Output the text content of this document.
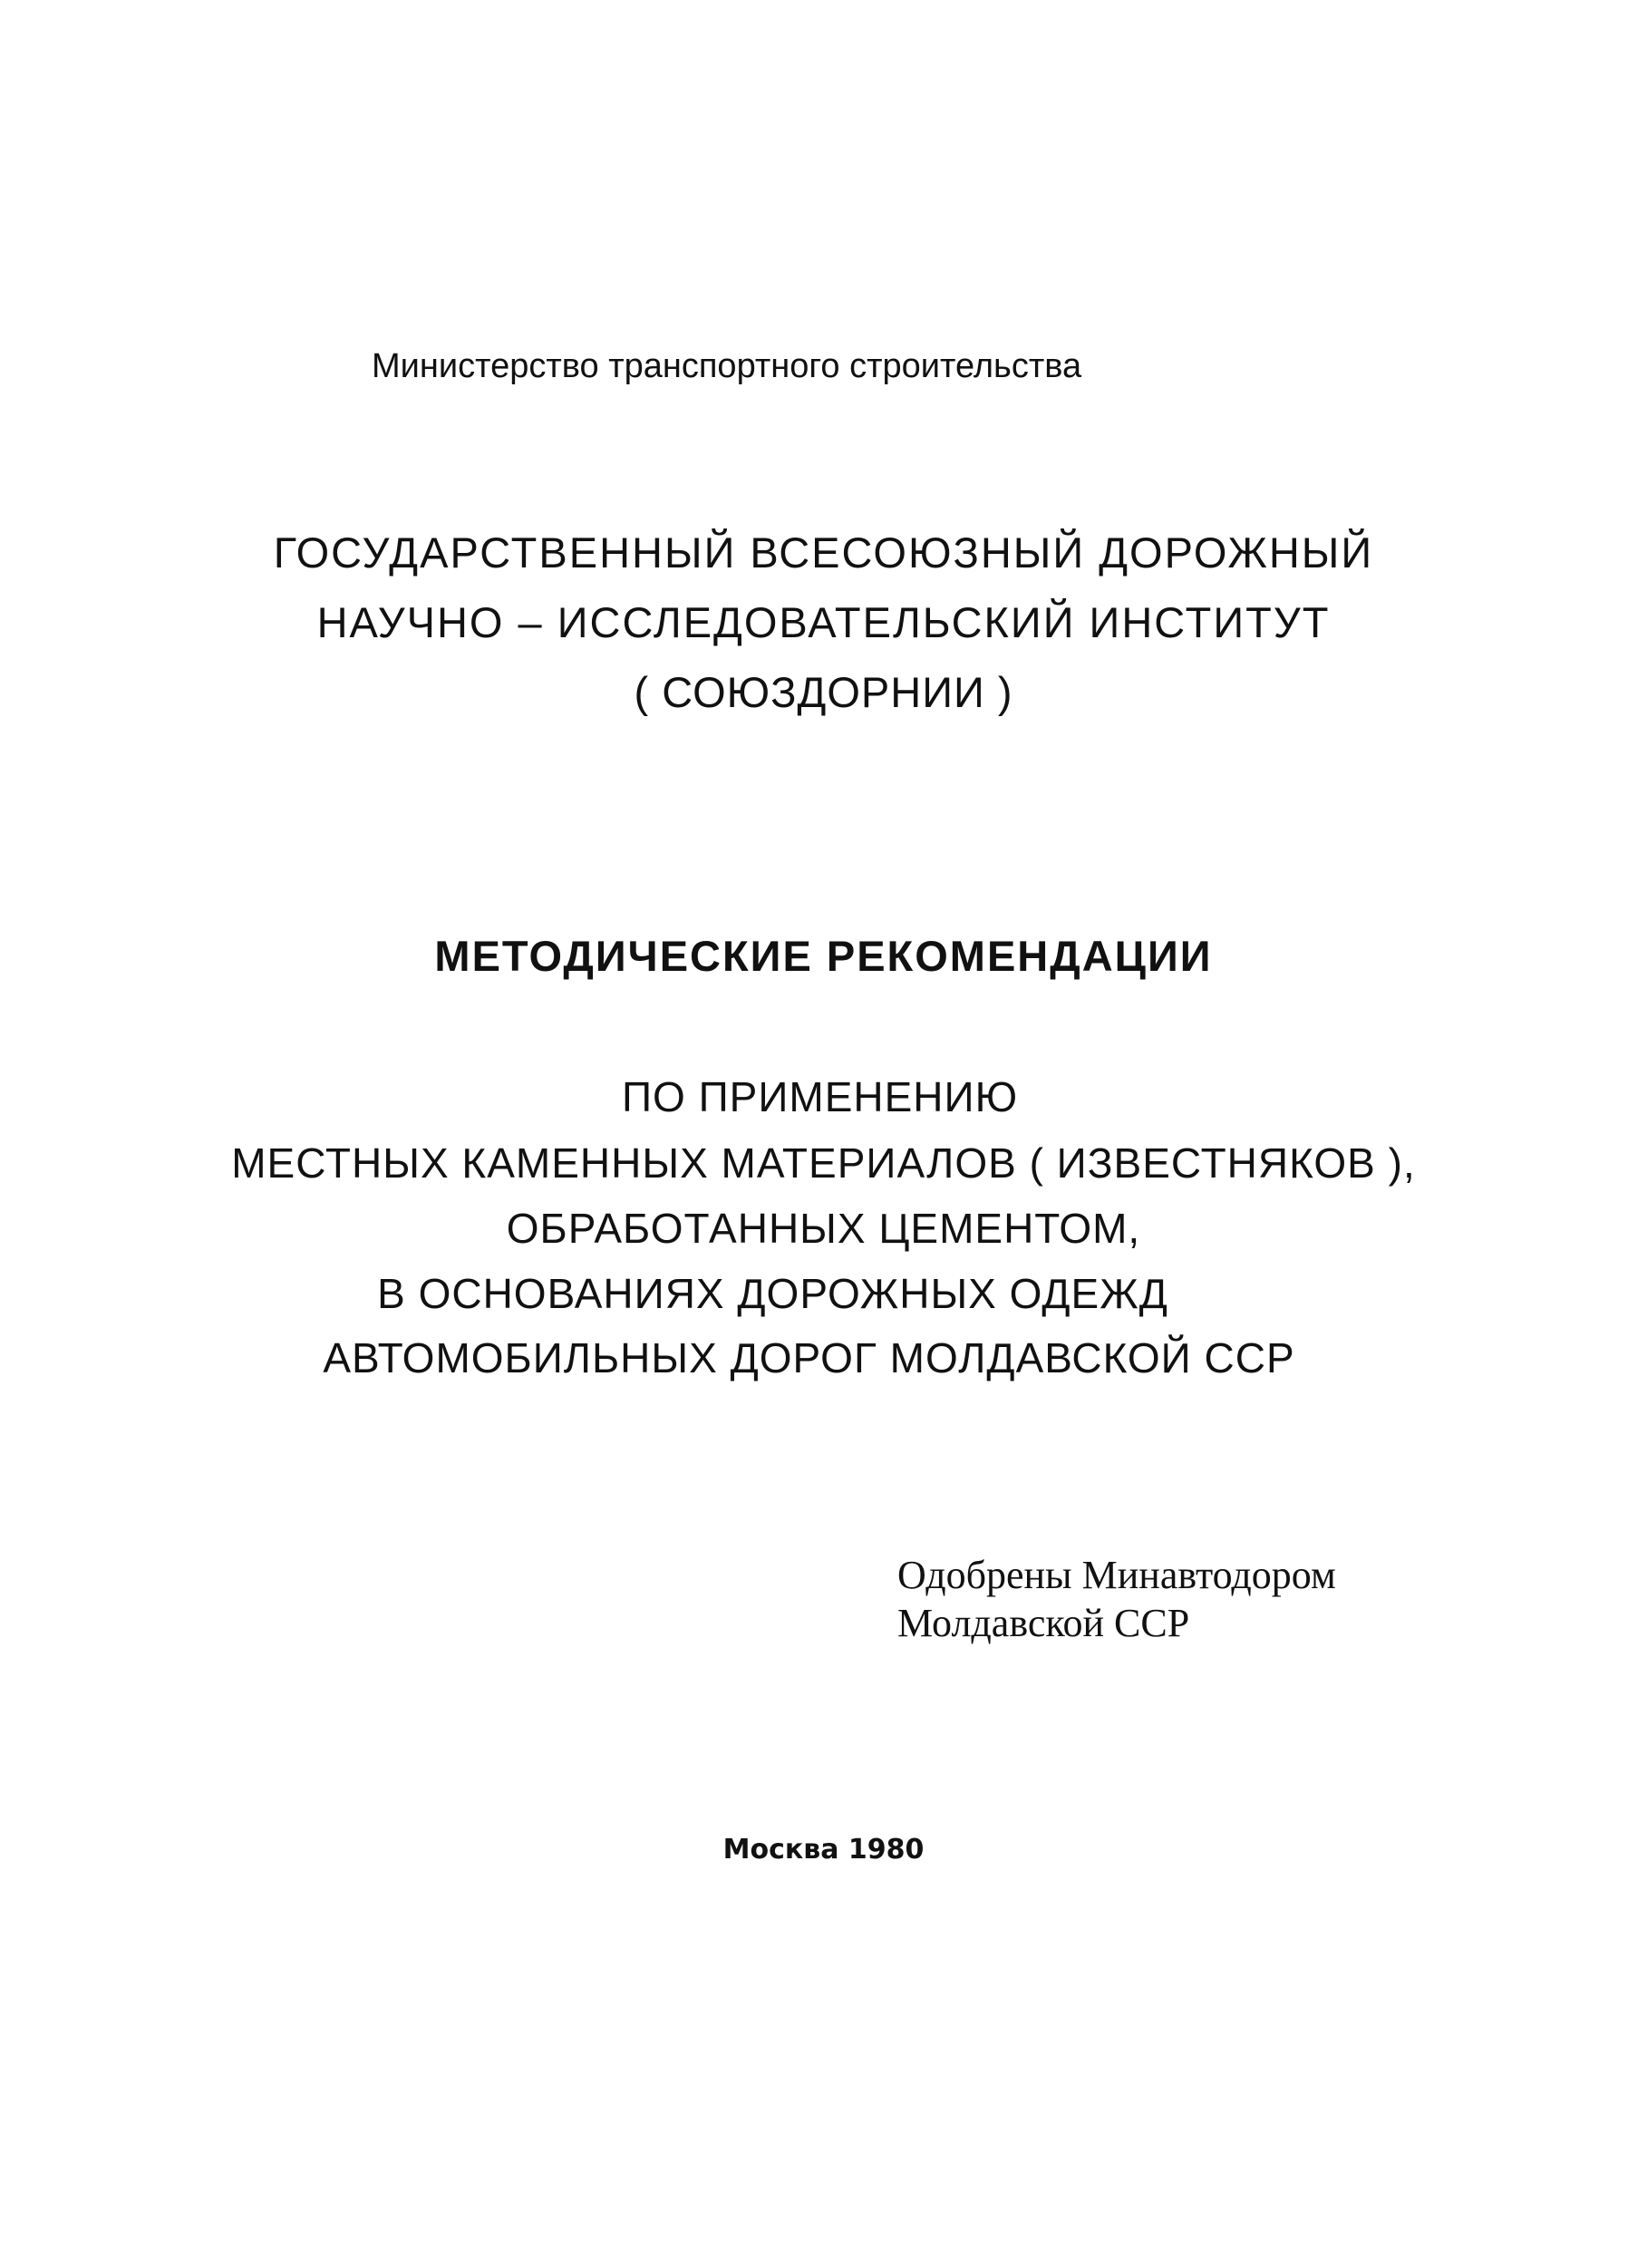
Министерство транспортного строительства
ГОСУДАРСТВЕННЫЙ ВСЕСОЮЗНЫЙ ДОРОЖНЫЙ
НАУЧНО – ИССЛЕДОВАТЕЛЬСКИЙ ИНСТИТУТ
( СОЮЗДОРНИИ )
МЕТОДИЧЕСКИЕ РЕКОМЕНДАЦИИ
ПО ПРИМЕНЕНИЮ
МЕСТНЫХ КАМЕННЫХ МАТЕРИАЛОВ ( ИЗВЕСТНЯКОВ ),
ОБРАБОТАННЫХ ЦЕМЕНТОМ,
В ОСНОВАНИЯХ ДОРОЖНЫХ ОДЕЖД
АВТОМОБИЛЬНЫХ ДОРОГ МОЛДАВСКОЙ ССР
Одобрены Минавтодором
Молдавской ССР
Москва 1980
